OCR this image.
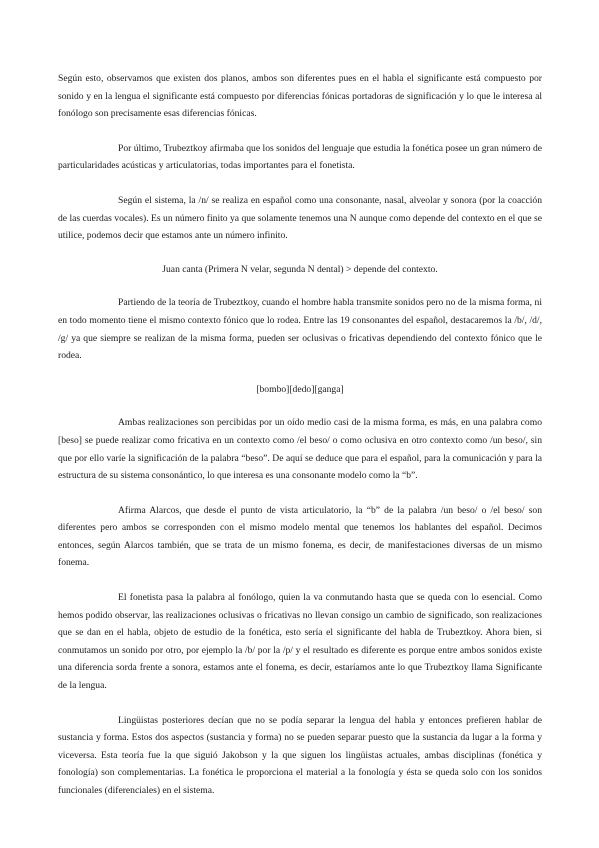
Según esto, observamos que existen dos planos, ambos son diferentes pues en el habla el significante está compuesto por sonido y en la lengua el significante está compuesto por diferencias fónicas portadoras de significación y lo que le interesa al fonólogo son precisamente esas diferencias fónicas.

Por último, Trubeztkoy afirmaba que los sonidos del lenguaje que estudia la fonética posee un gran número de particularidades acústicas y articulatorias, todas importantes para el fonetista.

Según el sistema, la /n/ se realiza en español como una consonante, nasal, alveolar y sonora (por la coacción de las cuerdas vocales). Es un número finito ya que solamente tenemos una N aunque como depende del contexto en el que se utilice, podemos decir que estamos ante un número infinito.

Juan canta (Primera N velar, segunda N dental) > depende del contexto.

Partiendo de la teoría de Trubeztkoy, cuando el hombre habla transmite sonidos pero no de la misma forma, ni en todo momento tiene el mismo contexto fónico que lo rodea. Entre las 19 consonantes del español, destacaremos la /b/, /d/, /g/ ya que siempre se realizan de la misma forma, pueden ser oclusivas o fricativas dependiendo del contexto fónico que le rodea.

[bombo][dedo][ganga]

Ambas realizaciones son percibidas por un oído medio casi de la misma forma, es más, en una palabra como [beso] se puede realizar como fricativa en un contexto como /el beso/ o como oclusiva en otro contexto como /un beso/, sin que por ello varíe la significación de la palabra “beso”. De aquí se deduce que para el español, para la comunicación y para la estructura de su sistema consonántico, lo que interesa es una consonante modelo como la “b”.

Afirma Alarcos, que desde el punto de vista articulatorio, la “b” de la palabra /un beso/ o /el beso/ son diferentes pero ambos se corresponden con el mismo modelo mental que tenemos los hablantes del español. Decimos entonces, según Alarcos también, que se trata de un mismo fonema, es decir, de manifestaciones diversas de un mismo fonema.

El fonetista pasa la palabra al fonólogo, quien la va conmutando hasta que se queda con lo esencial. Como hemos podido observar, las realizaciones oclusivas o fricativas no llevan consigo un cambio de significado, son realizaciones que se dan en el habla, objeto de estudio de la fonética, esto sería el significante del habla de Trubeztkoy. Ahora bien, si conmutamos un sonido por otro, por ejemplo la /b/ por la /p/ y el resultado es diferente es porque entre ambos sonidos existe una diferencia sorda frente a sonora, estamos ante el fonema, es decir, estaríamos ante lo que Trubeztkoy llama Significante de la lengua.

Lingüistas posteriores decían que no se podía separar la lengua del habla y entonces prefieren hablar de sustancia y forma. Estos dos aspectos (sustancia y forma) no se pueden separar puesto que la sustancia da lugar a la forma y viceversa. Esta teoría fue la que siguió Jakobson y la que siguen los lingüistas actuales, ambas disciplinas (fonética y fonología) son complementarias. La fonética le proporciona el material a la fonología y ésta se queda solo con los sonidos funcionales (diferenciales) en el sistema.
